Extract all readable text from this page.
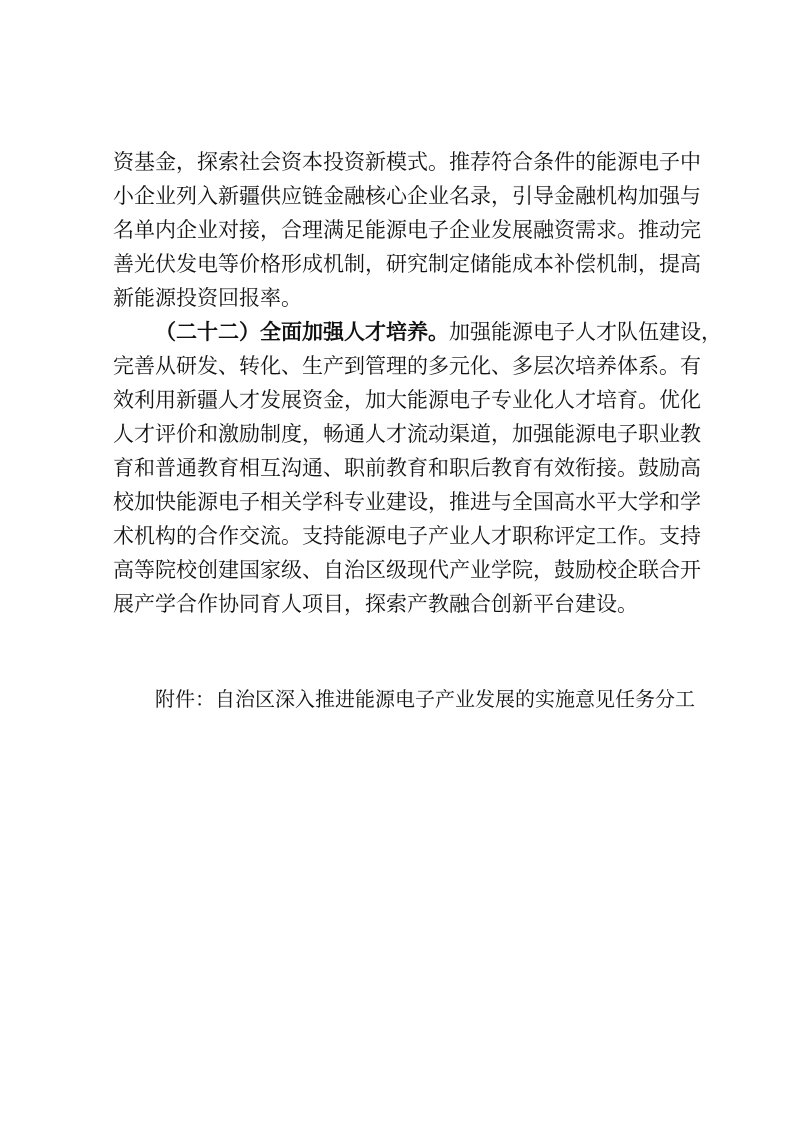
资基金，探索社会资本投资新模式。推荐符合条件的能源电子中
小企业列入新疆供应链金融核心企业名录，引导金融机构加强与
名单内企业对接，合理满足能源电子企业发展融资需求。推动完
善光伏发电等价格形成机制，研究制定储能成本补偿机制，提高
新能源投资回报率。
（二十二）全面加强人才培养。加强能源电子人才队伍建设，
完善从研发、转化、生产到管理的多元化、多层次培养体系。有
效利用新疆人才发展资金，加大能源电子专业化人才培育。优化
人才评价和激励制度，畅通人才流动渠道，加强能源电子职业教
育和普通教育相互沟通、职前教育和职后教育有效衔接。鼓励高
校加快能源电子相关学科专业建设，推进与全国高水平大学和学
术机构的合作交流。支持能源电子产业人才职称评定工作。支持
高等院校创建国家级、自治区级现代产业学院，鼓励校企联合开
展产学合作协同育人项目，探索产教融合创新平台建设。
附件：自治区深入推进能源电子产业发展的实施意见任务分工
